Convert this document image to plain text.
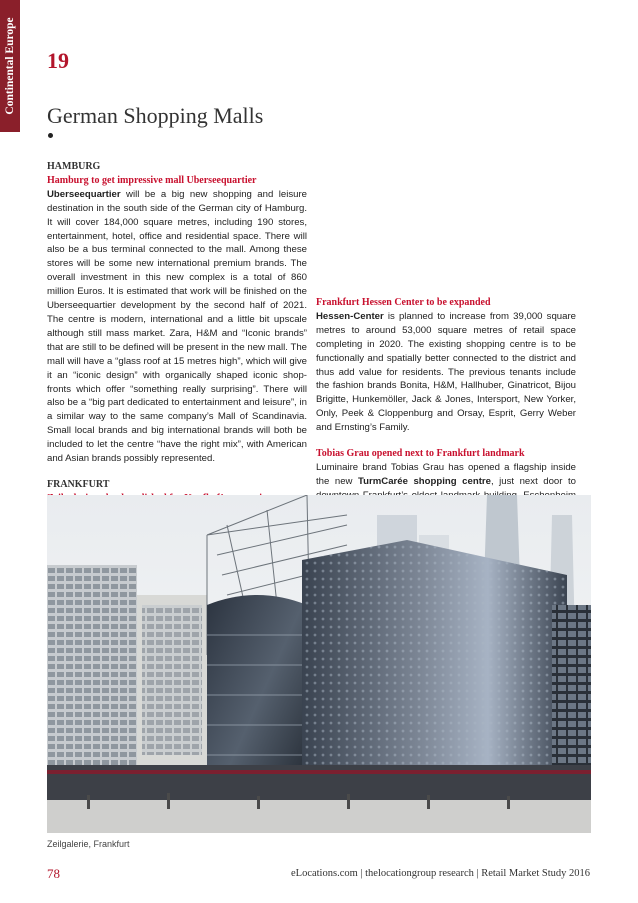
Continental Europe 19
German Shopping Malls

HAMBURG

Hamburg to get impressive mall Uberseequartier

Uberseequartier will be a big new shopping and leisure destination in the south side of the German city of Hamburg. It will cover 184,000 square metres, including 190 stores, entertainment, hotel, office and residential space. There will also be a bus terminal connected to the mall. Among these stores will be some new international premium brands. The overall investment in this new complex is a total of 860 million Euros. It is estimated that work will be finished on the Uberseequartier development by the second half of 2021. The centre is modern, international and a little bit upscale although still mass market. Zara, H&M and “Iconic brands” that are still to be defined will be present in the new mall. The mall will have a “glass roof at 15 metres high”, which will give it an “iconic design” with organically shaped iconic shop-fronts which offer “something really surprising”. There will also be a “big part dedicated to entertainment and leisure”, in a similar way to the same company’s Mall of Scandinavia. Small local brands and big international brands will both be included to let the centre “have the right mix”, with American and Asian brands possibly represented.

FRANKFURT

Frankfurt Hessen Center to be expanded

Hessen-Center is planned to increase from 39,000 square metres to around 53,000 square metres of retail space completing in 2020. The existing shopping centre is to be functionally and spatially better connected to the district and thus add value for residents. The previous tenants include the fashion brands Bonita, H&M, Hallhuber, Ginatricot, Bijou Brigitte, Hunkemöller, Jack & Jones, Intersport, New Yorker, Only, Peek & Cloppenburg and Orsay, Esprit, Gerry Weber and Ernsting’s Family.

Tobias Grau opened next to Frankfurt landmark

Luminaire brand Tobias Grau has opened a flagship inside the new TurmCarée shopping centre, just next door to

Zeilgalerie, Frankfurt
78	eLocations.com | thelocationgroup research | Retail Market Study 2016
